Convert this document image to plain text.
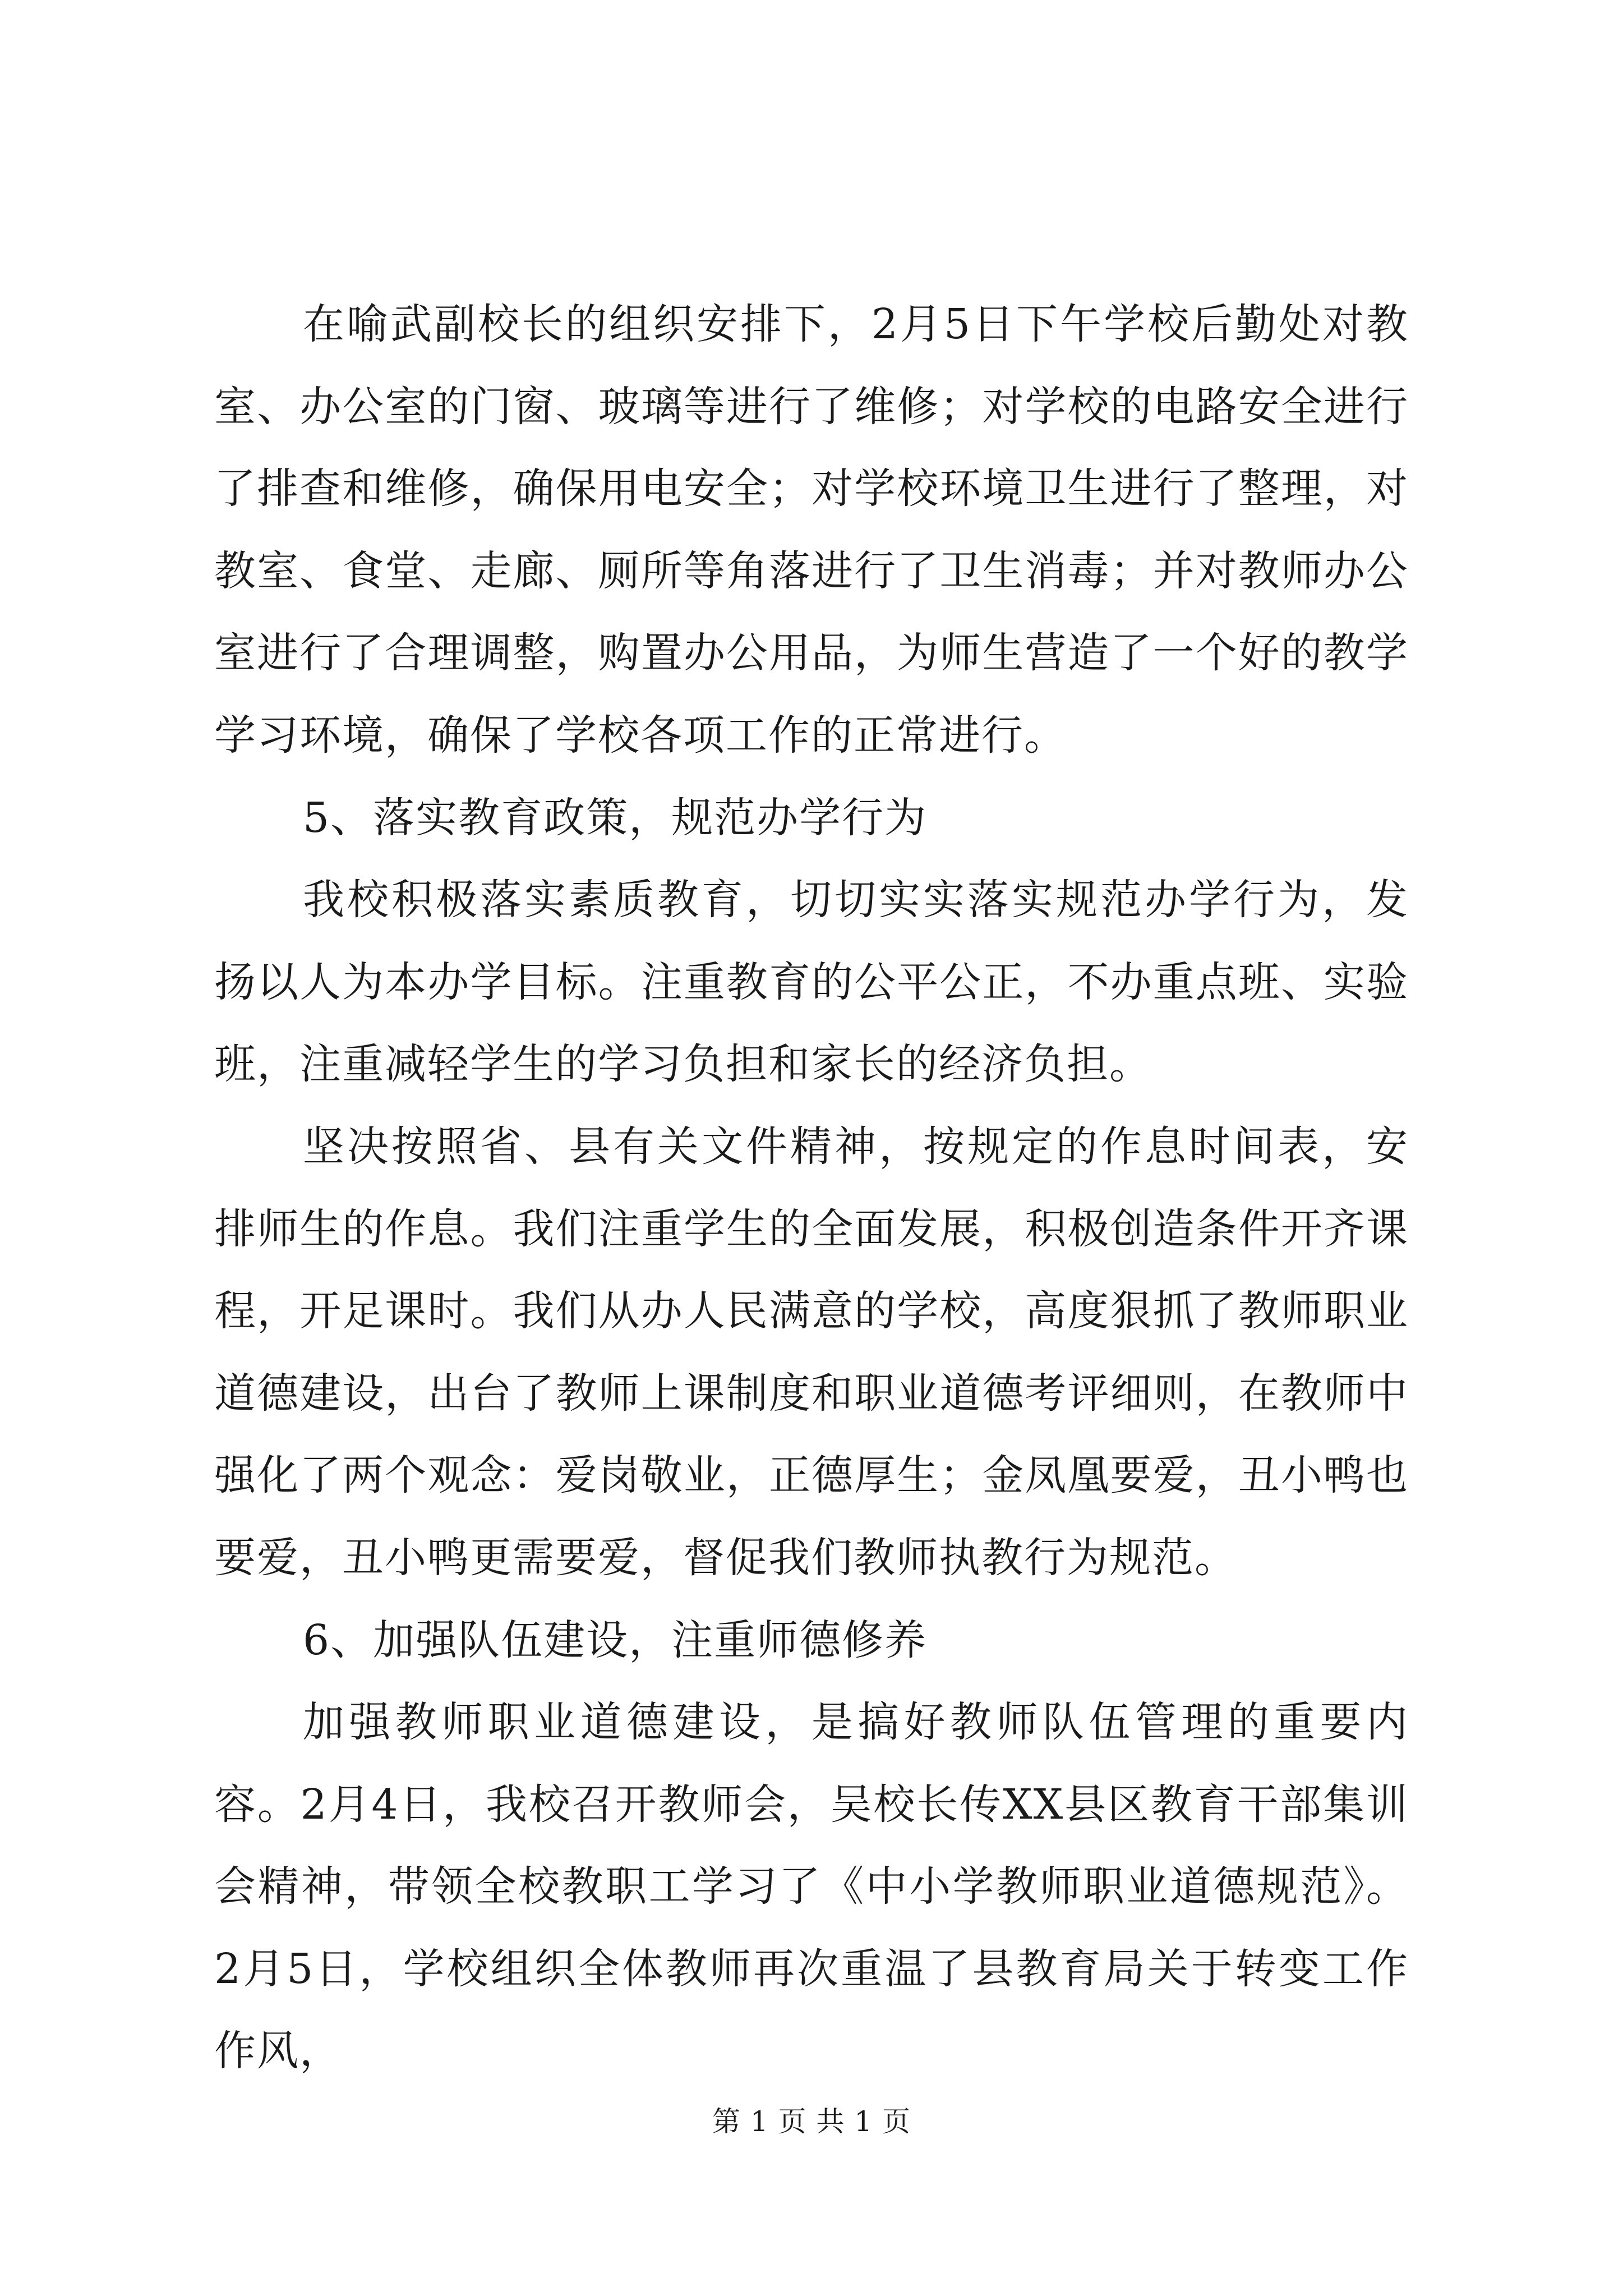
在喻武副校长的组织安排下，2月5日下午学校后勤处对教室、办公室的门窗、玻璃等进行了维修；对学校的电路安全进行了排查和维修，确保用电安全；对学校环境卫生进行了整理，对教室、食堂、走廊、厕所等角落进行了卫生消毒；并对教师办公室进行了合理调整，购置办公用品，为师生营造了一个好的教学学习环境，确保了学校各项工作的正常进行。

5、落实教育政策，规范办学行为

我校积极落实素质教育，切切实实落实规范办学行为，发扬以人为本办学目标。注重教育的公平公正，不办重点班、实验班，注重减轻学生的学习负担和家长的经济负担。

坚决按照省、县有关文件精神，按规定的作息时间表，安排师生的作息。我们注重学生的全面发展，积极创造条件开齐课程，开足课时。我们从办人民满意的学校，高度狠抓了教师职业道德建设，出台了教师上课制度和职业道德考评细则，在教师中强化了两个观念：爱岗敬业，正德厚生；金凤凰要爱，丑小鸭也要爱，丑小鸭更需要爱，督促我们教师执教行为规范。

6、加强队伍建设，注重师德修养

加强教师职业道德建设，是搞好教师队伍管理的重要内容。2月4日，我校召开教师会，吴校长传XX县区教育干部集训会精神，带领全校教职工学习了《中小学教师职业道德规范》。2月5日，学校组织全体教师再次重温了县教育局关于转变工作作风，

第 1 页 共 1 页
